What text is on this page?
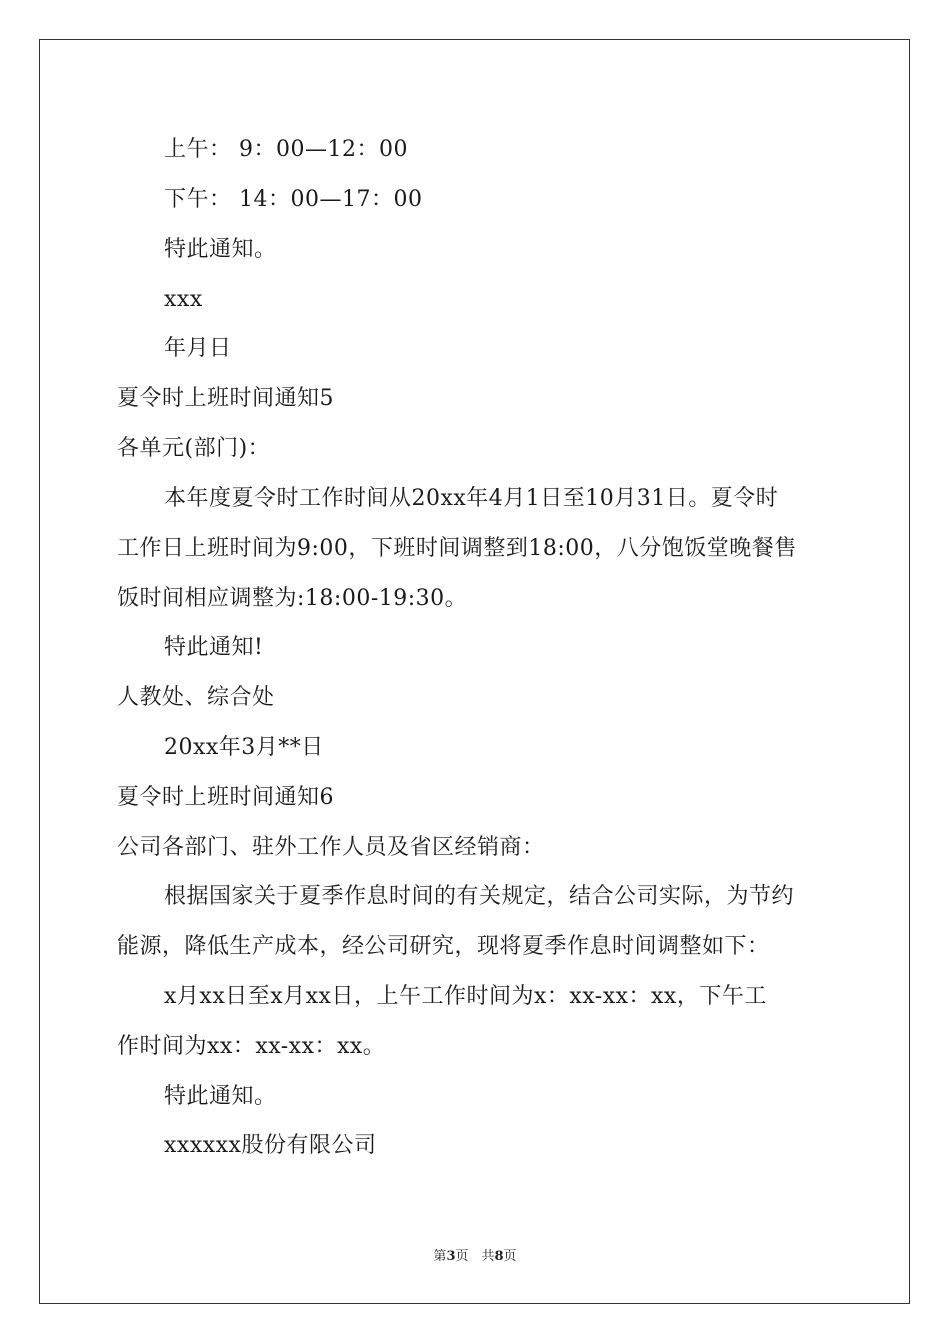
上午： 9：00—12：00
下午： 14：00—17：00
特此通知。
xxx
年月日
夏令时上班时间通知5
各单元(部门)：
本年度夏令时工作时间从20xx年4月1日至10月31日。夏令时
工作日上班时间为9:00，下班时间调整到18:00，八分饱饭堂晚餐售
饭时间相应调整为:18:00-19:30。
特此通知!
人教处、综合处
20xx年3月**日
夏令时上班时间通知6
公司各部门、驻外工作人员及省区经销商：
根据国家关于夏季作息时间的有关规定，结合公司实际，为节约
能源，降低生产成本，经公司研究，现将夏季作息时间调整如下：
x月xx日至x月xx日，上午工作时间为x：xx-xx：xx，下午工
作时间为xx：xx-xx：xx。
特此通知。
xxxxxx股份有限公司
第3页　共8页
